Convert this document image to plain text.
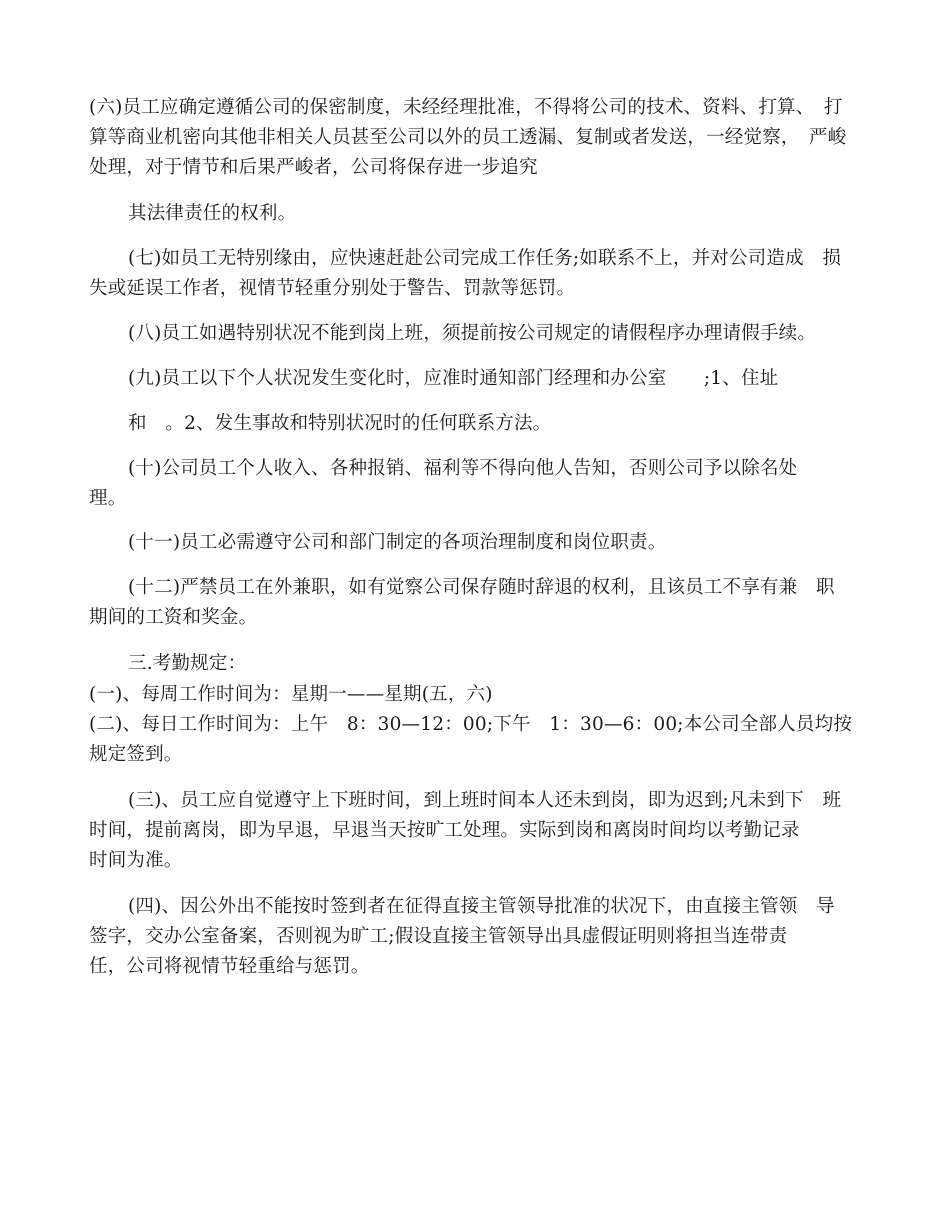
(六)员工应确定遵循公司的保密制度，未经经理批准，不得将公司的技术、资料、打算、　打
算等商业机密向其他非相关人员甚至公司以外的员工透漏、复制或者发送，一经觉察，　严峻
处理，对于情节和后果严峻者，公司将保存进一步追究
其法律责任的权利。
(七)如员工无特别缘由，应快速赶赴公司完成工作任务;如联系不上，并对公司造成　损
失或延误工作者，视情节轻重分别处于警告、罚款等惩罚。
(八)员工如遇特别状况不能到岗上班，须提前按公司规定的请假程序办理请假手续。
(九)员工以下个人状况发生变化时，应准时通知部门经理和办公室　　;1、住址
和　。2、发生事故和特别状况时的任何联系方法。
(十)公司员工个人收入、各种报销、福利等不得向他人告知，否则公司予以除名处
理。
(十一)员工必需遵守公司和部门制定的各项治理制度和岗位职责。
(十二)严禁员工在外兼职，如有觉察公司保存随时辞退的权利，且该员工不享有兼　职
期间的工资和奖金。
三.考勤规定：
(一)、每周工作时间为：星期一——星期(五，六)
(二)、每日工作时间为：上午　8：30—12：00;下午　1：30—6：00;本公司全部人员均按
规定签到。
(三)、员工应自觉遵守上下班时间，到上班时间本人还未到岗，即为迟到;凡未到下　班
时间，提前离岗，即为早退，早退当天按旷工处理。实际到岗和离岗时间均以考勤记录
时间为准。
(四)、因公外出不能按时签到者在征得直接主管领导批准的状况下，由直接主管领　导
签字，交办公室备案，否则视为旷工;假设直接主管领导出具虚假证明则将担当连带责
任，公司将视情节轻重给与惩罚。
